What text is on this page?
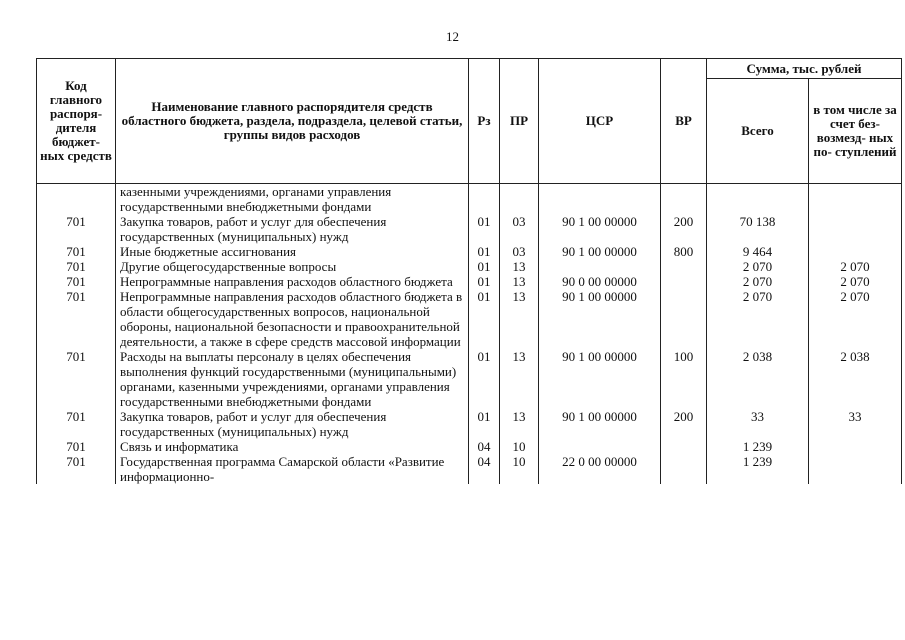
12
Код главного распоря- дителя бюджет- ных средств	Наименование главного распорядителя средств областного бюджета, раздела, подраздела, целевой статьи, группы видов расходов	Рз	ПР	ЦСР	ВР	Сумма, тыс. рублей	
						Всего	в том числе за счет без- возмезд- ных по- ступлений
	казенными учреждениями, органами управления государственными внебюджетными фондами						
701	Закупка товаров, работ и услуг для обеспечения государственных (муниципальных) нужд	01	03	90 1 00 00000	200	70 138	
701	Иные бюджетные ассигнования	01	03	90 1 00 00000	800	9 464	
701	Другие общегосударственные вопросы	01	13			2 070	2 070
701	Непрограммные направления расходов областного бюджета	01	13	90 0 00 00000		2 070	2 070
701	Непрограммные направления расходов областного бюджета в области общегосударственных вопросов, национальной обороны, национальной безопасности и правоохранительной деятельности, а также в сфере средств массовой информации	01	13	90 1 00 00000		2 070	2 070
701	Расходы на выплаты персоналу в целях обеспечения выполнения функций государственными (муниципальными) органами, казенными учреждениями, органами управления государственными внебюджетными фондами	01	13	90 1 00 00000	100	2 038	2 038
701	Закупка товаров, работ и услуг для обеспечения государственных (муниципальных) нужд	01	13	90 1 00 00000	200	33	33
701	Связь и информатика	04	10			1 239	
701	Государственная программа Самарской области «Развитие информационно-	04	10	22 0 00 00000		1 239	
